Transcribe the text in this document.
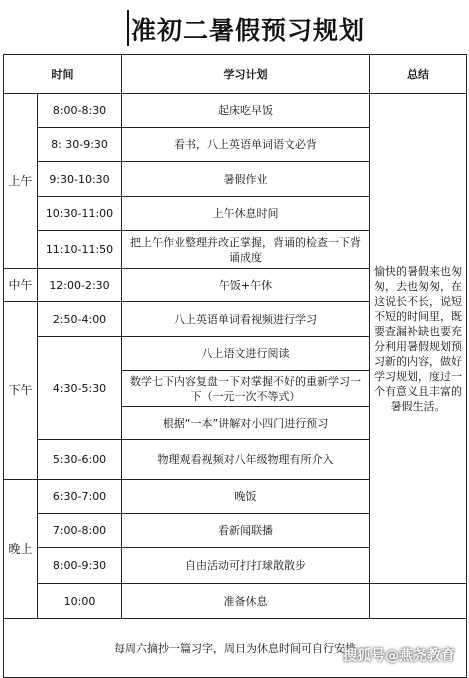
准初二暑假预习规划
时间		学习计划	总结
上午	8:00-8:30	起床吃早饭	愉快的暑假来也匆匆，去也匆匆，在这说长不长，说短不短的时间里，既要查漏补缺也要充分利用暑假规划预习新的内容，做好学习规划，度过一个有意义且丰富的暑假生活。
	8: 30-9:30	看书，八上英语单词语文必背	
	9:30-10:30	暑假作业	
	10:30-11:00	上午休息时间	
	11:10-11:50	把上午作业整理并改正掌握，背诵的检查一下背诵成度	
中午	12:00-2:30	午饭+午休	
下午	2:50-4:00	八上英语单词看视频进行学习	
	4:30-5:30	八上语文进行阅读	
		数学七下内容复盘一下对掌握不好的重新学习一下（一元一次不等式）	
		根据“一本”讲解对小四门进行预习	
	5:30-6:00	物理观看视频对八年级物理有所介入	
晚上	6:30-7:00	晚饭	
	7:00-8:00	看新闻联播	
	8:00-9:30	自由活动可打打球散散步	
	10:00	准备休息	
每周六摘抄一篇习字，周日为休息时间可自行安排			
搜狐号@燕尧教育
